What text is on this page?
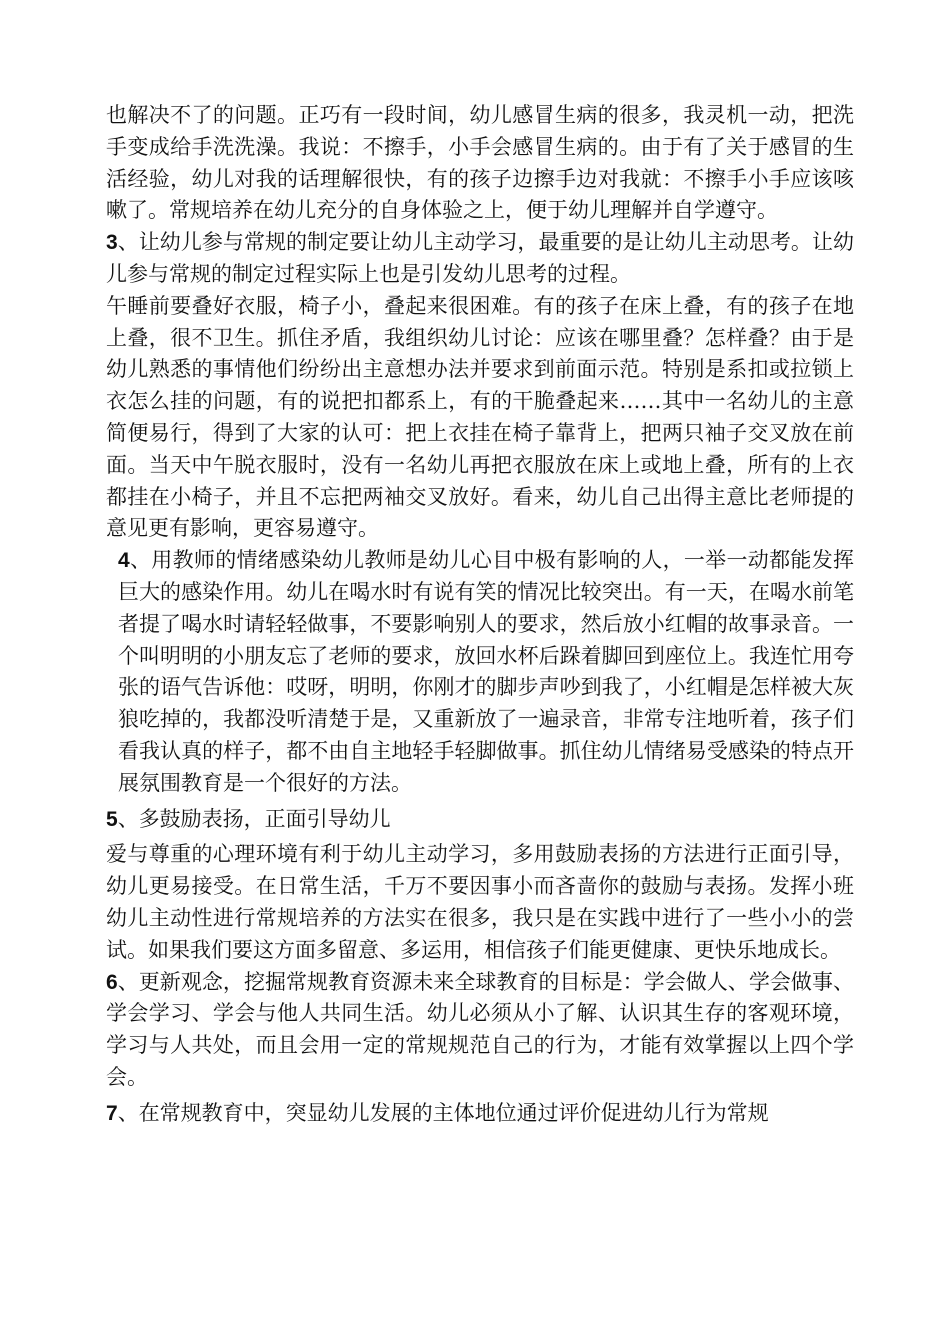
也解决不了的问题。正巧有一段时间，幼儿感冒生病的很多，我灵机一动，把洗手变成给手洗洗澡。我说：不擦手，小手会感冒生病的。由于有了关于感冒的生活经验，幼儿对我的话理解很快，有的孩子边擦手边对我就：不擦手小手应该咳嗽了。常规培养在幼儿充分的自身体验之上，便于幼儿理解并自学遵守。

3、让幼儿参与常规的制定要让幼儿主动学习，最重要的是让幼儿主动思考。让幼儿参与常规的制定过程实际上也是引发幼儿思考的过程。

午睡前要叠好衣服，椅子小，叠起来很困难。有的孩子在床上叠，有的孩子在地上叠，很不卫生。抓住矛盾，我组织幼儿讨论：应该在哪里叠？怎样叠？由于是幼儿熟悉的事情他们纷纷出主意想办法并要求到前面示范。特别是系扣或拉锁上衣怎么挂的问题，有的说把扣都系上，有的干脆叠起来……其中一名幼儿的主意简便易行，得到了大家的认可：把上衣挂在椅子靠背上，把两只袖子交叉放在前面。当天中午脱衣服时，没有一名幼儿再把衣服放在床上或地上叠，所有的上衣都挂在小椅子，并且不忘把两袖交叉放好。看来，幼儿自己出得主意比老师提的意见更有影响，更容易遵守。

4、用教师的情绪感染幼儿教师是幼儿心目中极有影响的人，一举一动都能发挥巨大的感染作用。幼儿在喝水时有说有笑的情况比较突出。有一天，在喝水前笔者提了喝水时请轻轻做事，不要影响别人的要求，然后放小红帽的故事录音。一个叫明明的小朋友忘了老师的要求，放回水杯后跺着脚回到座位上。我连忙用夸张的语气告诉他：哎呀，明明，你刚才的脚步声吵到我了，小红帽是怎样被大灰狼吃掉的，我都没听清楚于是，又重新放了一遍录音，非常专注地听着，孩子们看我认真的样子，都不由自主地轻手轻脚做事。抓住幼儿情绪易受感染的特点开展氛围教育是一个很好的方法。

5、多鼓励表扬，正面引导幼儿

爱与尊重的心理环境有利于幼儿主动学习，多用鼓励表扬的方法进行正面引导，幼儿更易接受。在日常生活，千万不要因事小而吝啬你的鼓励与表扬。发挥小班幼儿主动性进行常规培养的方法实在很多，我只是在实践中进行了一些小小的尝试。如果我们要这方面多留意、多运用，相信孩子们能更健康、更快乐地成长。

6、更新观念，挖掘常规教育资源未来全球教育的目标是：学会做人、学会做事、学会学习、学会与他人共同生活。幼儿必须从小了解、认识其生存的客观环境，学习与人共处，而且会用一定的常规规范自己的行为，才能有效掌握以上四个学会。

7、在常规教育中，突显幼儿发展的主体地位通过评价促进幼儿行为常规
